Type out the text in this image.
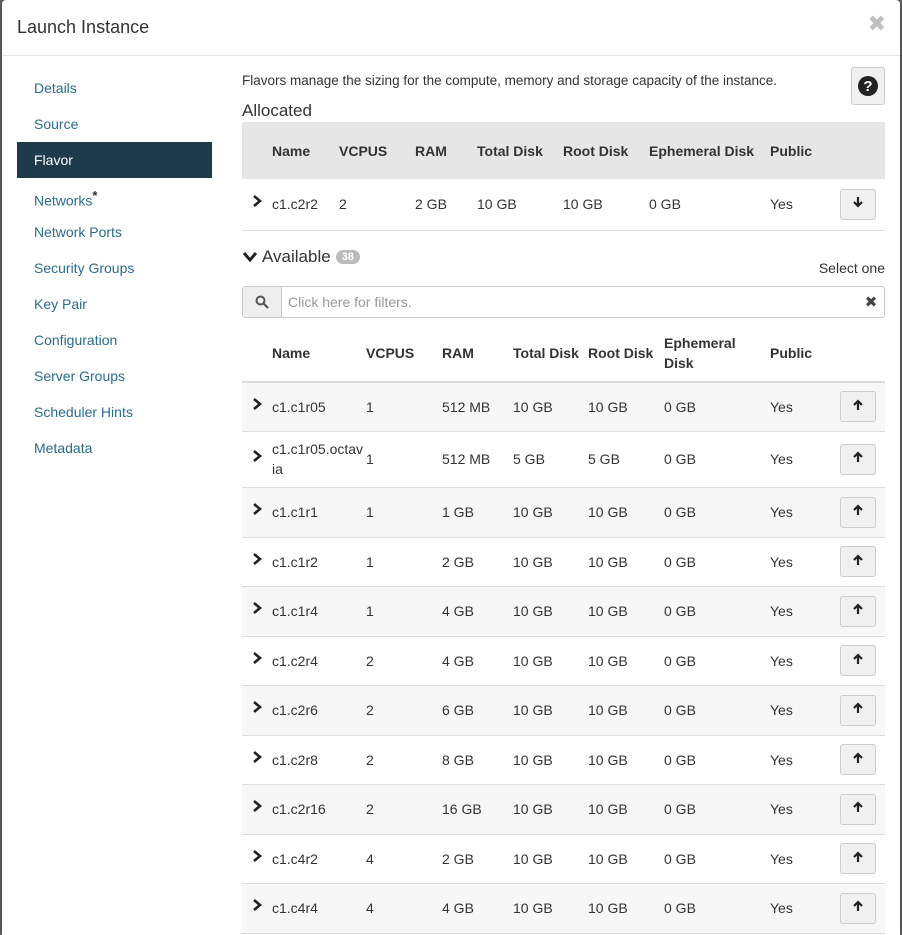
Launch Instance	✖
Details
Source
Flavor
Networks*
Network Ports
Security Groups
Key Pair
Configuration
Server Groups
Scheduler Hints
Metadata
?
Flavors manage the sizing for the compute, memory and storage capacity of the instance.
Allocated
	Name	VCPUS	RAM	Total Disk	Root Disk	Ephemeral Disk	Public	
	c1.c2r2	2	2 GB	10 GB	10 GB	0 GB	Yes	
Available	38
Select one
Click here for filters.
✖
	Name	VCPUS	RAM	Total Disk	Root Disk	Ephemeral Disk	Public	
	c1.c1r05	1	512 MB	10 GB	10 GB	0 GB	Yes	

	c1.c1r05.octavia	1	512 MB	5 GB	5 GB	0 GB	Yes	

	c1.c1r1	1	1 GB	10 GB	10 GB	0 GB	Yes	

	c1.c1r2	1	2 GB	10 GB	10 GB	0 GB	Yes	

	c1.c1r4	1	4 GB	10 GB	10 GB	0 GB	Yes	

	c1.c2r4	2	4 GB	10 GB	10 GB	0 GB	Yes	

	c1.c2r6	2	6 GB	10 GB	10 GB	0 GB	Yes	

	c1.c2r8	2	8 GB	10 GB	10 GB	0 GB	Yes	

	c1.c2r16	2	16 GB	10 GB	10 GB	0 GB	Yes	

	c1.c4r2	4	2 GB	10 GB	10 GB	0 GB	Yes	

	c1.c4r4	4	4 GB	10 GB	10 GB	0 GB	Yes	
